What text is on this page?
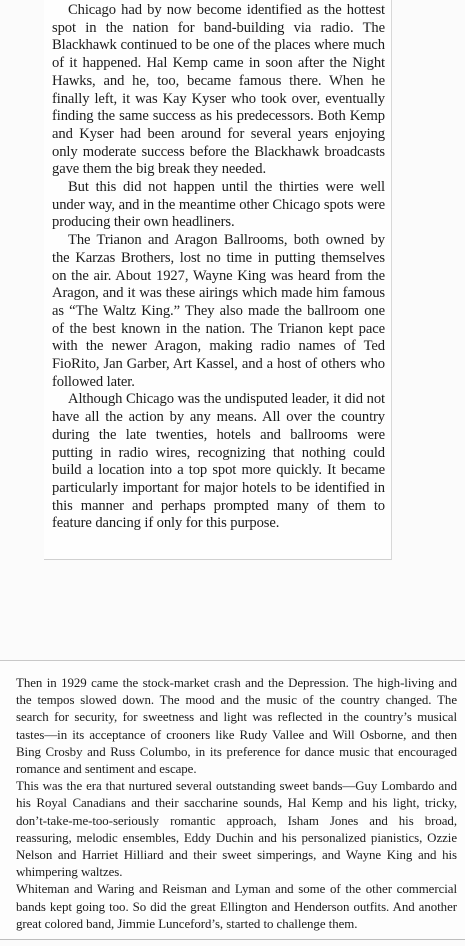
Chicago had by now become identified as the hottest spot in the nation for band-building via radio. The Blackhawk continued to be one of the places where much of it happened. Hal Kemp came in soon after the Night Hawks, and he, too, became famous there. When he finally left, it was Kay Kyser who took over, eventually finding the same success as his predecessors. Both Kemp and Kyser had been around for several years enjoying only moderate success before the Blackhawk broadcasts gave them the big break they needed.

But this did not happen until the thirties were well under way, and in the meantime other Chicago spots were producing their own headliners.

The Trianon and Aragon Ballrooms, both owned by the Karzas Brothers, lost no time in putting themselves on the air. About 1927, Wayne King was heard from the Aragon, and it was these airings which made him famous as “The Waltz King.” They also made the ballroom one of the best known in the nation. The Trianon kept pace with the newer Aragon, making radio names of Ted FioRito, Jan Garber, Art Kassel, and a host of others who followed later.

Although Chicago was the undisputed leader, it did not have all the action by any means. All over the country during the late twenties, hotels and ballrooms were putting in radio wires, recognizing that nothing could build a location into a top spot more quickly. It became particularly important for major hotels to be identified in this manner and perhaps prompted many of them to feature dancing if only for this purpose.

Then in 1929 came the stock-market crash and the Depression. The high-living and the tempos slowed down. The mood and the music of the country changed. The search for security, for sweetness and light was reflected in the country’s musical tastes—in its acceptance of crooners like Rudy Vallee and Will Osborne, and then Bing Crosby and Russ Columbo, in its preference for dance music that encouraged romance and sentiment and escape.

This was the era that nurtured several outstanding sweet bands—Guy Lombardo and his Royal Canadians and their saccharine sounds, Hal Kemp and his light, tricky, don’t-take-me-too-seriously romantic approach, Isham Jones and his broad, reassuring, melodic ensembles, Eddy Duchin and his personalized pianistics, Ozzie Nelson and Harriet Hilliard and their sweet simperings, and Wayne King and his whimpering waltzes.

Whiteman and Waring and Reisman and Lyman and some of the other commercial bands kept going too. So did the great Ellington and Henderson outfits. And another great colored band, Jimmie Lunceford’s, started to challenge them.
